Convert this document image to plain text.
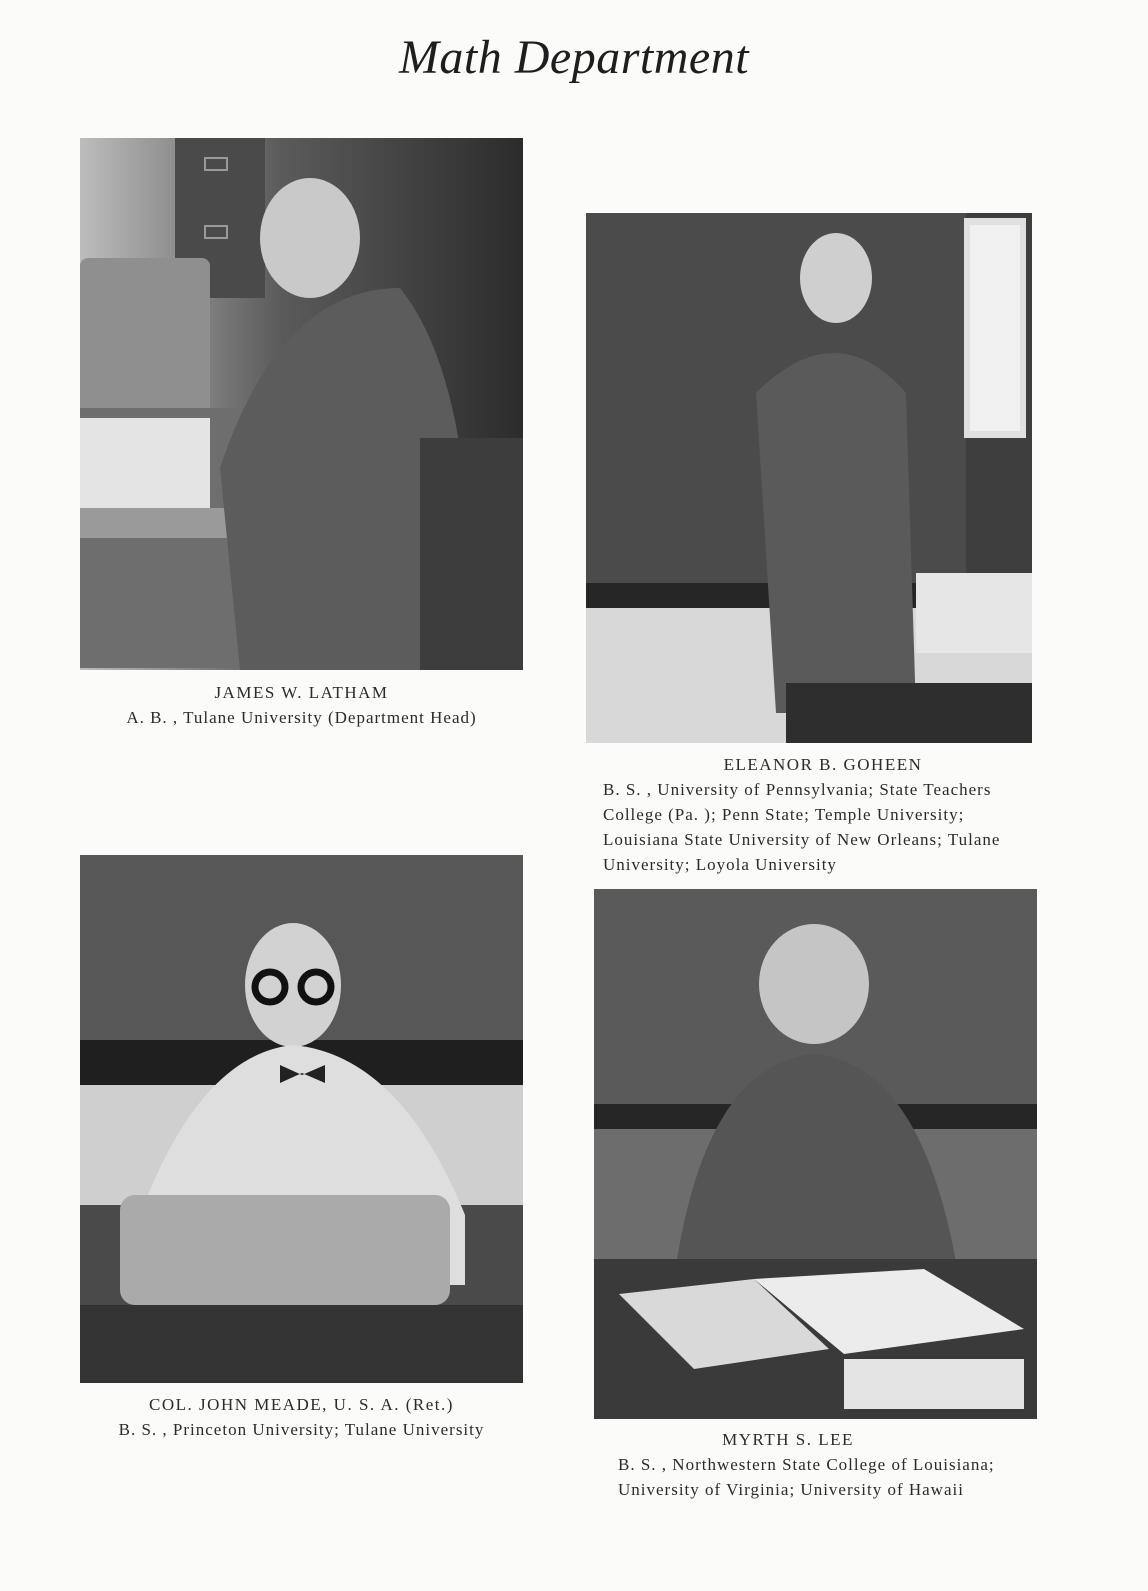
Math Department
JAMES W. LATHAM
A. B. , Tulane University (Department Head)
ELEANOR B. GOHEEN
B. S. , University of Pennsylvania; State Teachers
College (Pa. ); Penn State; Temple University;
Louisiana State University of New Orleans; Tulane
University; Loyola University
COL. JOHN MEADE, U. S. A. (Ret.)
B. S. , Princeton University; Tulane University
MYRTH S. LEE
B. S. , Northwestern State College of Louisiana;
University of Virginia; University of Hawaii
